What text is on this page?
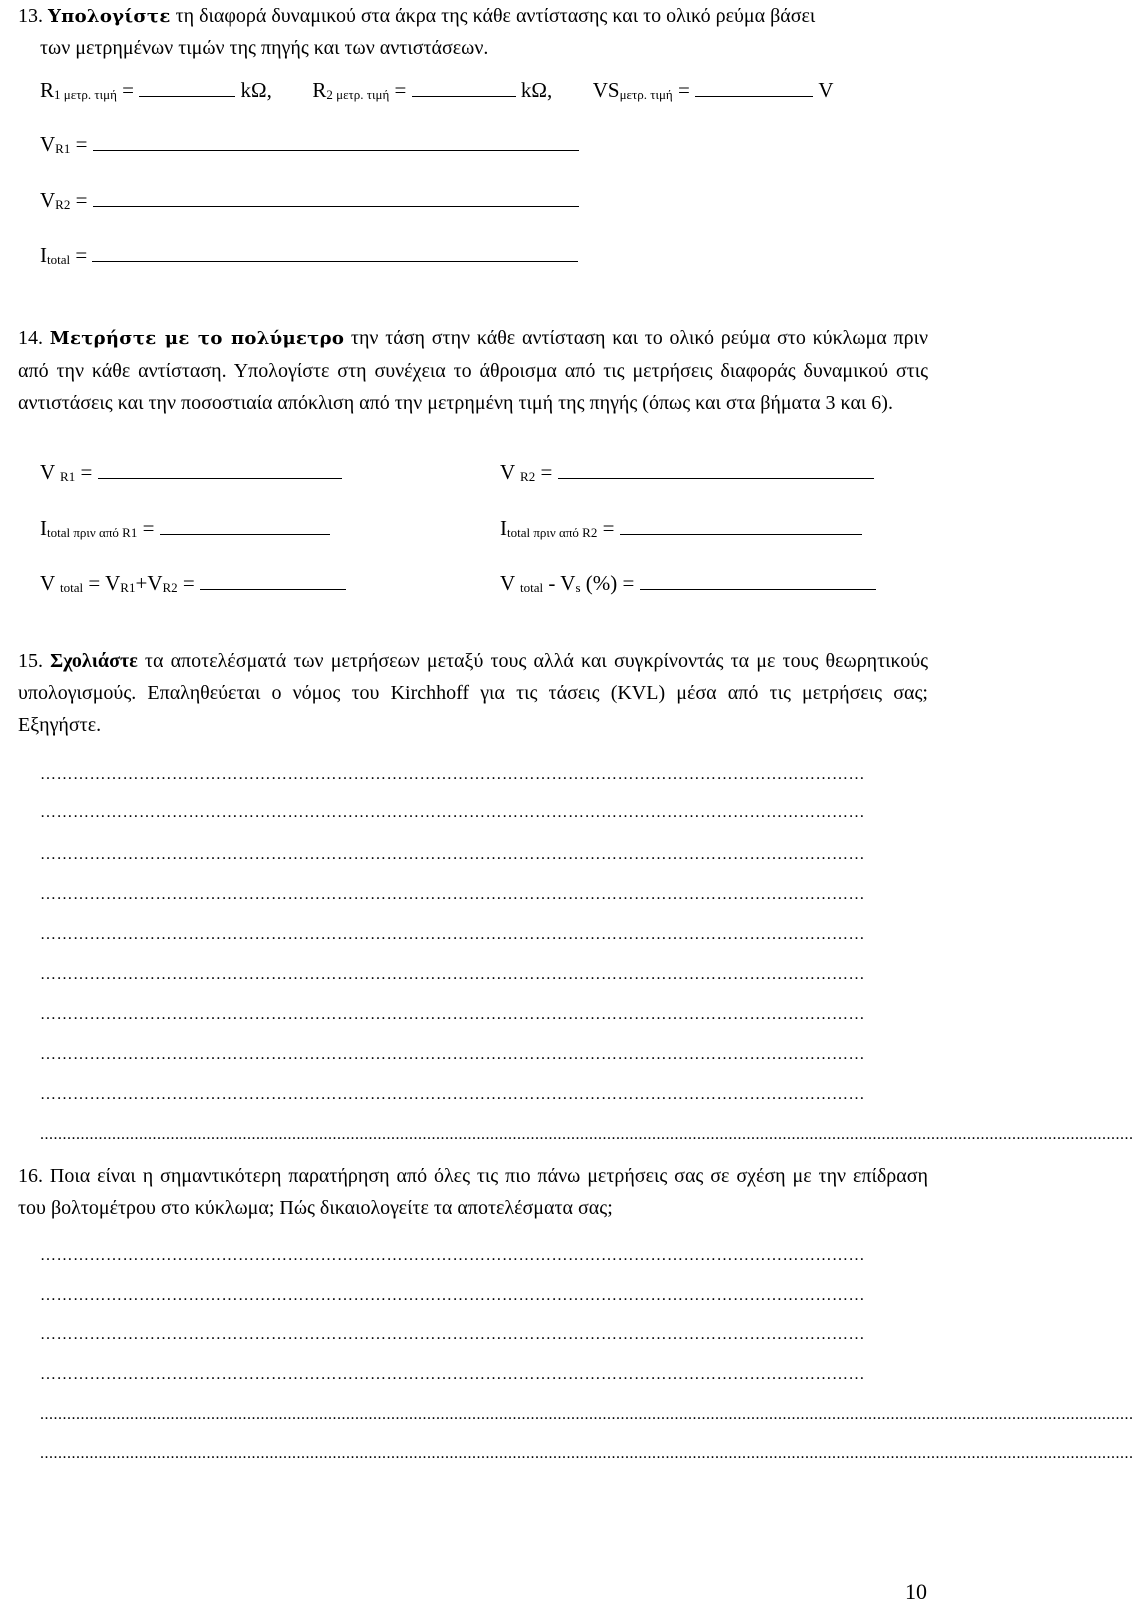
13. Υπολογίστε τη διαφορά δυναμικού στα άκρα της κάθε αντίστασης και το ολικό ρεύμα βάσει
των μετρημένων τιμών της πηγής και των αντιστάσεων.
R1 μετρ. τιμή =	kΩ, R2 μετρ. τιμή =	kΩ, VSμετρ. τιμή =	V
VR1 =
VR2 =
Itotal =
14. Μετρήστε με το πολύμετρο την τάση στην κάθε αντίσταση και το ολικό ρεύμα στο κύκλωμα πριν από την κάθε αντίσταση. Υπολογίστε στη συνέχεια το άθροισμα από τις μετρήσεις διαφοράς δυναμικού στις αντιστάσεις και την ποσοστιαία απόκλιση από την μετρημένη τιμή της πηγής (όπως και στα βήματα 3 και 6).
V R1 =	V R2 =
Itotal πριν από R1 =	Itotal πριν από R2 =
V total = VR1+VR2 =	V total - Vs (%) =
15. Σχολιάστε τα αποτελέσματά των μετρήσεων μεταξύ τους αλλά και συγκρίνοντάς τα με τους θεωρητικούς υπολογισμούς. Επαληθεύεται ο νόμος του Kirchhoff για τις τάσεις (KVL) μέσα από τις μετρήσεις σας; Εξηγήστε.
……………………………………………………………………………………………………………………………………
……………………………………………………………………………………………………………………………………
……………………………………………………………………………………………………………………………………
……………………………………………………………………………………………………………………………………
……………………………………………………………………………………………………………………………………
……………………………………………………………………………………………………………………………………
……………………………………………………………………………………………………………………………………
……………………………………………………………………………………………………………………………………
……………………………………………………………………………………………………………………………………
...................................................................................................................................................................................................................................................
16. Ποια είναι η σημαντικότερη παρατήρηση από όλες τις πιο πάνω μετρήσεις σας σε σχέση με την επίδραση του βολτομέτρου στο κύκλωμα; Πώς δικαιολογείτε τα αποτελέσματα σας;
……………………………………………………………………………………………………………………………………
……………………………………………………………………………………………………………………………………
……………………………………………………………………………………………………………………………………
……………………………………………………………………………………………………………………………………
...................................................................................................................................................................................................................................................
...................................................................................................................................................................................................................................................
10
